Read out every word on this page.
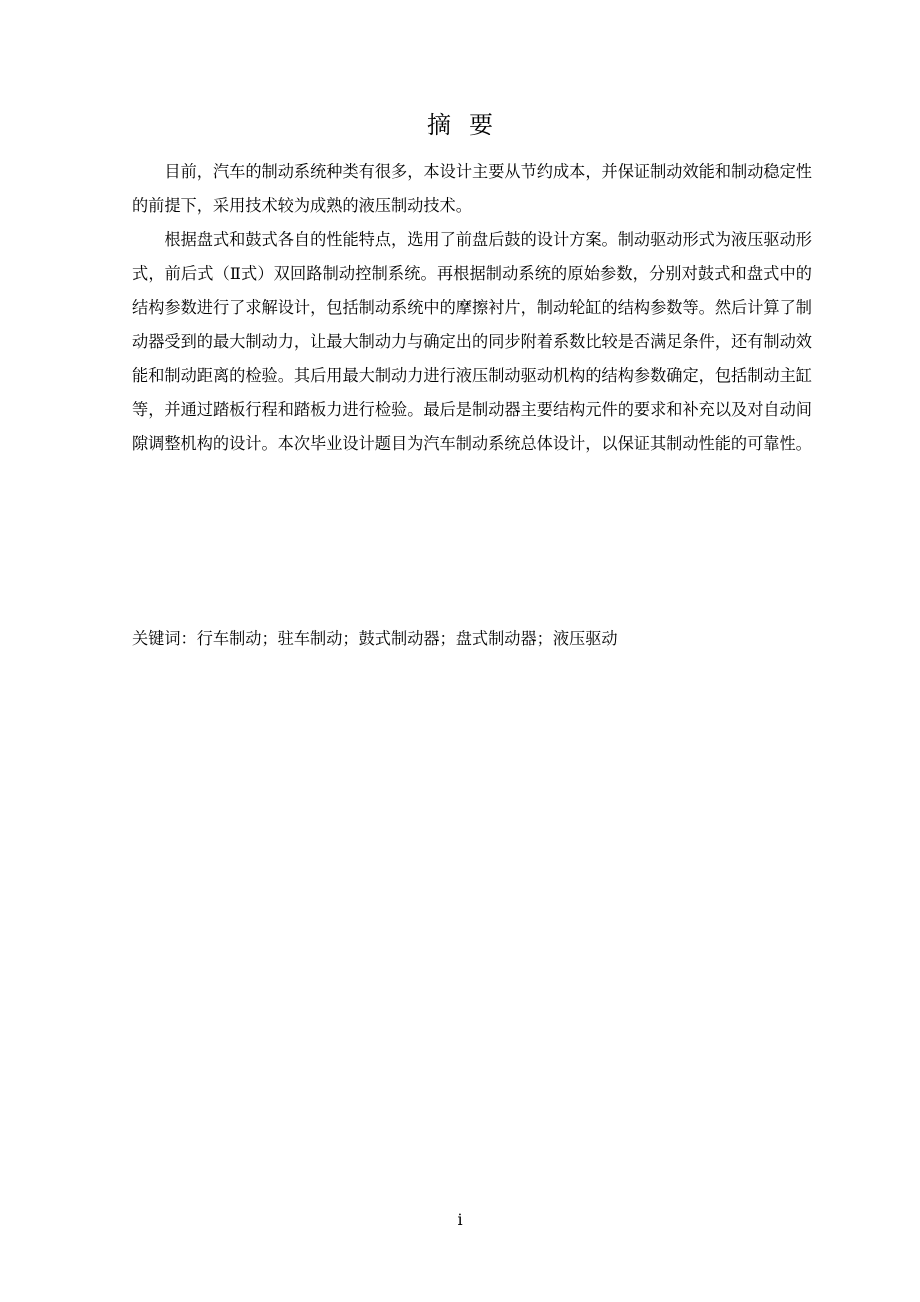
摘要

目前，汽车的制动系统种类有很多，本设计主要从节约成本，并保证制动效能和制动稳定性的前提下，采用技术较为成熟的液压制动技术。

根据盘式和鼓式各自的性能特点，选用了前盘后鼓的设计方案。制动驱动形式为液压驱动形式，前后式（Ⅱ式）双回路制动控制系统。再根据制动系统的原始参数，分别对鼓式和盘式中的结构参数进行了求解设计，包括制动系统中的摩擦衬片，制动轮缸的结构参数等。然后计算了制动器受到的最大制动力，让最大制动力与确定出的同步附着系数比较是否满足条件，还有制动效能和制动距离的检验。其后用最大制动力进行液压制动驱动机构的结构参数确定，包括制动主缸等，并通过踏板行程和踏板力进行检验。最后是制动器主要结构元件的要求和补充以及对自动间隙调整机构的设计。本次毕业设计题目为汽车制动系统总体设计，以保证其制动性能的可靠性。

关键词：行车制动；驻车制动；鼓式制动器；盘式制动器；液压驱动
i
